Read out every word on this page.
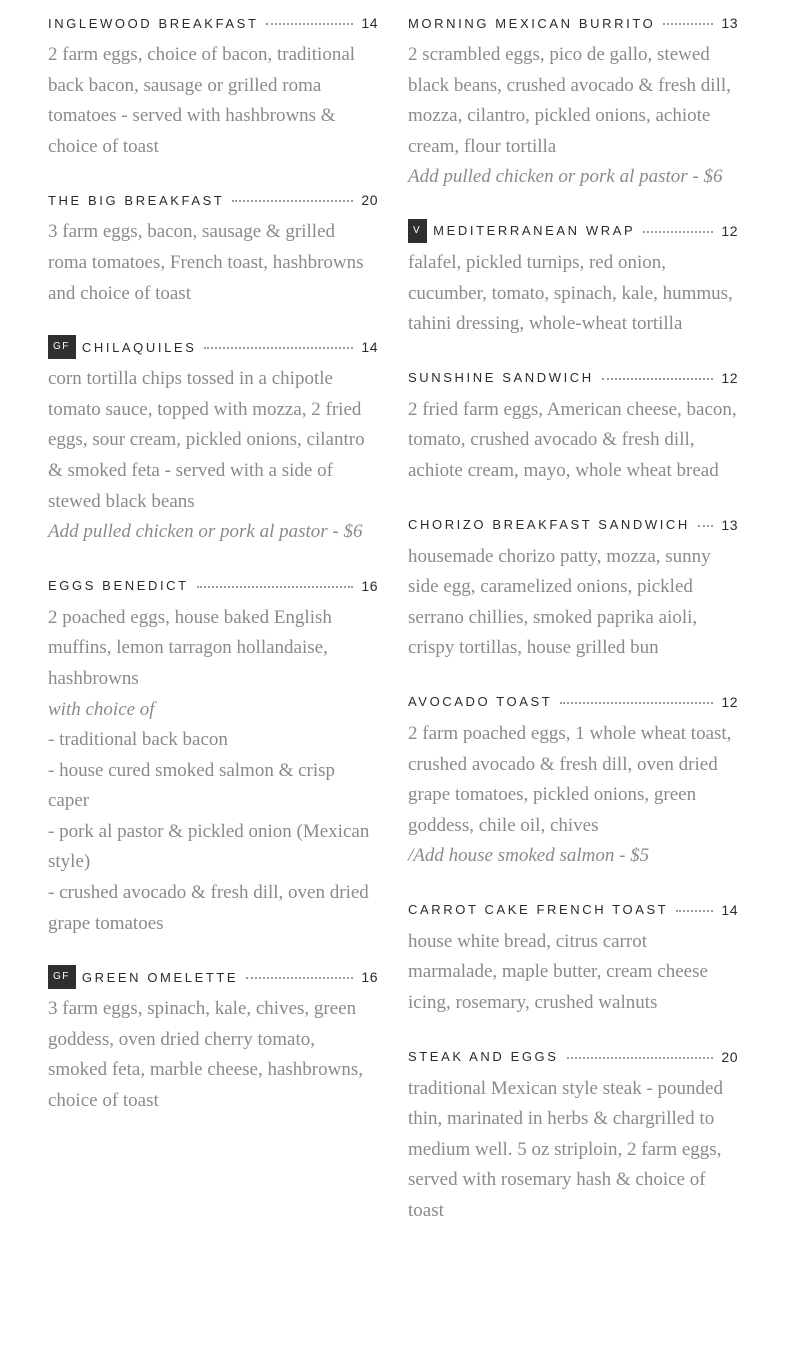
INGLEWOOD BREAKFAST	14

2 farm eggs, choice of bacon, traditional back bacon, sausage or grilled roma tomatoes - served with hashbrowns & choice of toast

THE BIG BREAKFAST	20

3 farm eggs, bacon, sausage & grilled roma tomatoes, French toast, hashbrowns and choice of toast

GF CHILAQUILES	14

corn tortilla chips tossed in a chipotle tomato sauce, topped with mozza, 2 fried eggs, sour cream, pickled onions, cilantro & smoked feta - served with a side of stewed black beans

Add pulled chicken or pork al pastor - $6

EGGS BENEDICT	16

2 poached eggs, house baked English muffins, lemon tarragon hollandaise, hashbrowns

with choice of

- traditional back bacon

- house cured smoked salmon & crisp caper

- pork al pastor & pickled onion (Mexican style)

- crushed avocado & fresh dill, oven dried grape tomatoes

GF GREEN OMELETTE	16

3 farm eggs, spinach, kale, chives, green goddess, oven dried cherry tomato, smoked feta, marble cheese, hashbrowns, choice of toast

MORNING MEXICAN BURRITO	13

2 scrambled eggs, pico de gallo, stewed black beans, crushed avocado & fresh dill, mozza, cilantro, pickled onions, achiote cream, flour tortilla

Add pulled chicken or pork al pastor - $6

V MEDITERRANEAN WRAP	12

falafel, pickled turnips, red onion, cucumber, tomato, spinach, kale, hummus, tahini dressing, whole-wheat tortilla

SUNSHINE SANDWICH	12

2 fried farm eggs, American cheese, bacon, tomato, crushed avocado & fresh dill, achiote cream, mayo, whole wheat bread

CHORIZO BREAKFAST SANDWICH 13

housemade chorizo patty, mozza, sunny side egg, caramelized onions, pickled serrano chillies, smoked paprika aioli, crispy tortillas, house grilled bun

AVOCADO TOAST	12

2 farm poached eggs, 1 whole wheat toast, crushed avocado & fresh dill, oven dried grape tomatoes, pickled onions, green goddess, chile oil, chives

/Add house smoked salmon - $5

CARROT CAKE FRENCH TOAST	14

house white bread, citrus carrot marmalade, maple butter, cream cheese icing, rosemary, crushed walnuts

STEAK AND EGGS	20

traditional Mexican style steak - pounded thin, marinated in herbs & chargrilled to medium well. 5 oz striploin, 2 farm eggs, served with rosemary hash & choice of toast
